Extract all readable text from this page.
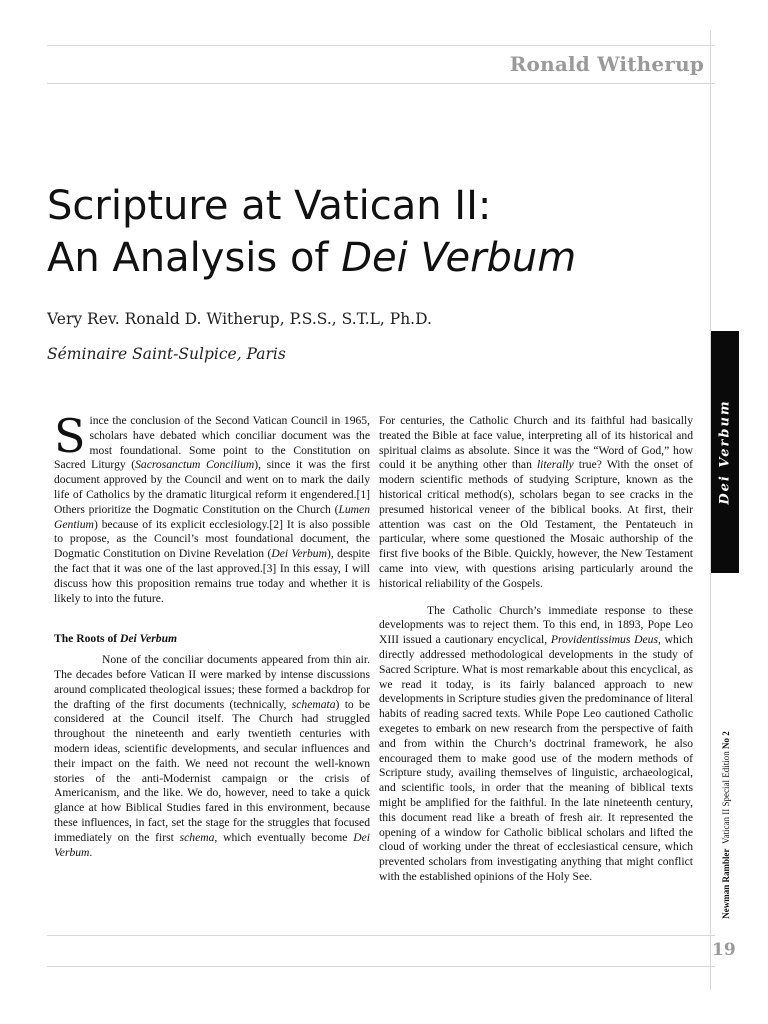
Ronald Witherup
Scripture at Vatican II:
An Analysis of Dei Verbum
Very Rev. Ronald D. Witherup, P.S.S., S.T.L, Ph.D.
Séminaire Saint-Sulpice, Paris
Dei Verbum
Newman Rambler  Vatican II Special Edition No 2
19

Since the conclusion of the Second Vatican Council in 1965, scholars have debated which conciliar document was the most foundational. Some point to the Constitution on Sacred Liturgy (Sacrosanctum Concilium), since it was the first document approved by the Council and went on to mark the daily life of Catholics by the dramatic liturgical reform it engendered.[1] Others prioritize the Dogmatic Constitution on the Church (Lumen Gentium) because of its explicit ecclesiology.[2] It is also possible to propose, as the Council’s most foundational document, the Dogmatic Constitution on Divine Revelation (Dei Verbum), despite the fact that it was one of the last approved.[3] In this essay, I will discuss how this proposition remains true today and whether it is likely to into the future.

The Roots of Dei Verbum

None of the conciliar documents appeared from thin air. The decades before Vatican II were marked by intense discussions around complicated theological issues; these formed a backdrop for the drafting of the first documents (technically, schemata) to be considered at the Council itself. The Church had struggled throughout the nineteenth and early twentieth centuries with modern ideas, scientific developments, and secular influences and their impact on the faith. We need not recount the well-known stories of the anti-Modernist campaign or the crisis of Americanism, and the like. We do, however, need to take a quick glance at how Biblical Studies fared in this environment, because these influences, in fact, set the stage for the struggles that focused immediately on the first schema, which eventually become Dei Verbum.

For centuries, the Catholic Church and its faithful had basically treated the Bible at face value, interpreting all of its historical and spiritual claims as absolute. Since it was the “Word of God,” how could it be anything other than literally true? With the onset of modern scientific methods of studying Scripture, known as the historical critical method(s), scholars began to see cracks in the presumed historical veneer of the biblical books. At first, their attention was cast on the Old Testament, the Pentateuch in particular, where some questioned the Mosaic authorship of the first five books of the Bible. Quickly, however, the New Testament came into view, with questions arising particularly around the historical reliability of the Gospels.

The Catholic Church’s immediate response to these developments was to reject them. To this end, in 1893, Pope Leo XIII issued a cautionary encyclical, Providentissimus Deus, which directly addressed methodological developments in the study of Sacred Scripture. What is most remarkable about this encyclical, as we read it today, is its fairly balanced approach to new developments in Scripture studies given the predominance of literal habits of reading sacred texts. While Pope Leo cautioned Catholic exegetes to embark on new research from the perspective of faith and from within the Church’s doctrinal framework, he also encouraged them to make good use of the modern methods of Scripture study, availing themselves of linguistic, archaeological, and scientific tools, in order that the meaning of biblical texts might be amplified for the faithful. In the late nineteenth century, this document read like a breath of fresh air. It represented the opening of a window for Catholic biblical scholars and lifted the cloud of working under the threat of ecclesiastical censure, which prevented scholars from investigating anything that might conflict with the established opinions of the Holy See.
